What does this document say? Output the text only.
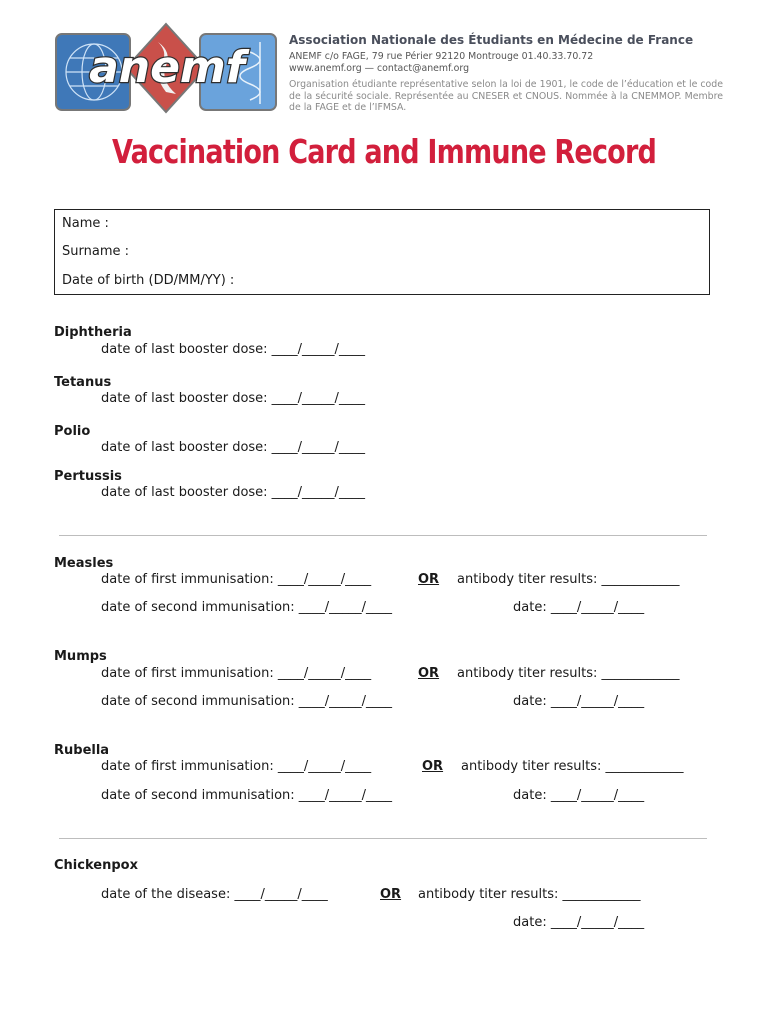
anemf

Association Nationale des Étudiants en Médecine de France

ANEMF c/o FAGE, 79 rue Périer 92120 Montrouge 01.40.33.70.72

www.anemf.org — contact@anemf.org

Organisation étudiante représentative selon la loi de 1901, le code de l’éducation et le code de la sécurité sociale. Représentée au CNESER et CNOUS. Nommée à la CNEMMOP. Membre de la FAGE et de l’IFMSA.

Vaccination Card and Immune Record
Name :
Surname :
Date of birth (DD/MM/YY) :
Diphtheria
date of last booster dose: ____/_____/____
Tetanus
date of last booster dose: ____/_____/____
Polio
date of last booster dose: ____/_____/____
Pertussis
date of last booster dose: ____/_____/____
Measles
date of first immunisation: ____/_____/____	OR antibody titer results: ____________
date of second immunisation: ____/_____/____	date: ____/_____/____
Mumps
date of first immunisation: ____/_____/____	OR antibody titer results: ____________
date of second immunisation: ____/_____/____	date: ____/_____/____
Rubella
date of first immunisation: ____/_____/____	OR antibody titer results: ____________
date of second immunisation: ____/_____/____	date: ____/_____/____
Chickenpox
date of the disease: ____/_____/____	OR antibody titer results: ____________
date: ____/_____/____
